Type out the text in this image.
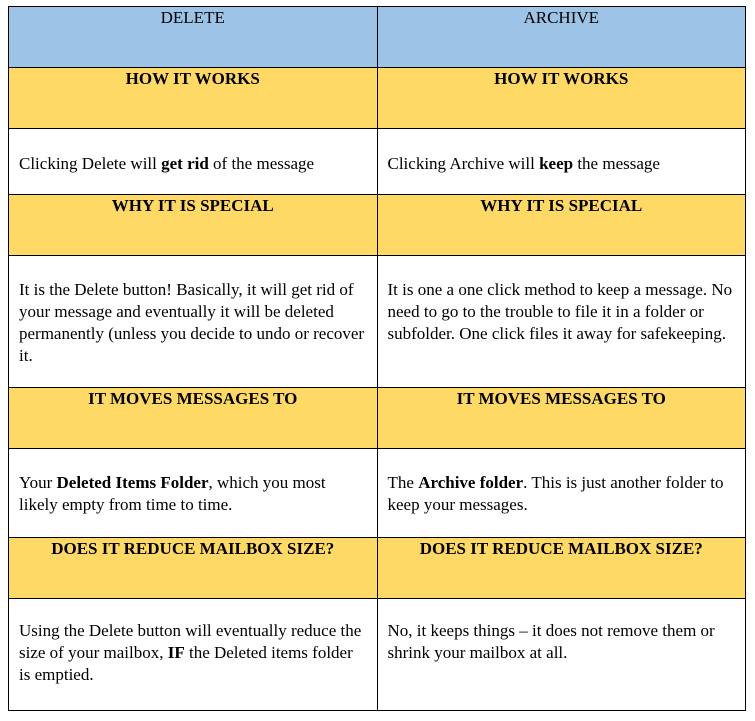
DELETE	ARCHIVE
HOW IT WORKS	HOW IT WORKS
Clicking Delete will get rid of the message	Clicking Archive will keep the message
WHY IT IS SPECIAL	WHY IT IS SPECIAL
It is the Delete button! Basically, it will get rid of your message and eventually it will be deleted permanently (unless you decide to undo or recover it.	It is one a one click method to keep a message. No need to go to the trouble to file it in a folder or subfolder. One click files it away for safekeeping.
IT MOVES MESSAGES TO	IT MOVES MESSAGES TO
Your Deleted Items Folder, which you most likely empty from time to time.	The Archive folder. This is just another folder to keep your messages.
DOES IT REDUCE MAILBOX SIZE?	DOES IT REDUCE MAILBOX SIZE?
Using the Delete button will eventually reduce the size of your mailbox, IF the Deleted items folder is emptied.	No, it keeps things – it does not remove them or shrink your mailbox at all.
